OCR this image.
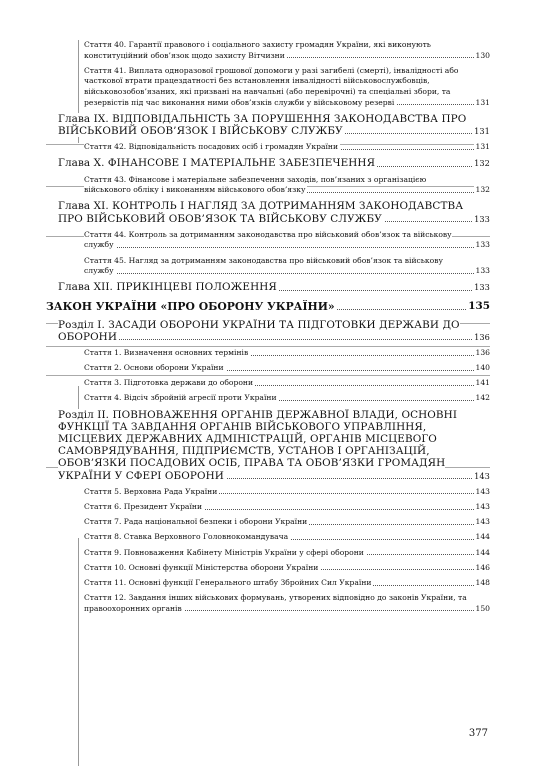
Стаття 40. Гарантії правового і соціального захисту громадян України, які виконують конституційний обов’язок щодо захисту Вітчизни	130
Стаття 41. Виплата одноразової грошової допомоги у разі загибелі (смерті), інвалідності або часткової втрати працездатності без встановлення інвалідності військовослужбовців, військовозобов’язаних, які призвані на навчальні (або перевірочні) та спеціальні збори, та резервістів під час виконання ними обов’язків служби у військовому резерві	131
Глава IX. ВІДПОВІДАЛЬНІСТЬ ЗА ПОРУШЕННЯ ЗАКОНОДАВСТВА ПРО ВІЙСЬКОВИЙ ОБОВ’ЯЗОК І ВІЙСЬКОВУ СЛУЖБУ	131
Стаття 42. Відповідальність посадових осіб і громадян України	131
Глава X. ФІНАНСОВЕ І МАТЕРІАЛЬНЕ ЗАБЕЗПЕЧЕННЯ	132
Стаття 43. Фінансове і матеріальне забезпечення заходів, пов’язаних з організацією військового обліку і виконанням військового обов’язку	132
Глава XI. КОНТРОЛЬ І НАГЛЯД ЗА ДОТРИМАННЯМ ЗАКОНОДАВСТВА ПРО ВІЙСЬКОВИЙ ОБОВ’ЯЗОК ТА ВІЙСЬКОВУ СЛУЖБУ	133
Стаття 44. Контроль за дотриманням законодавства про військовий обов’язок та військову службу	133
Стаття 45. Нагляд за дотриманням законодавства про військовий обов’язок та військову службу	133
Глава XII. ПРИКІНЦЕВІ ПОЛОЖЕННЯ	133
ЗАКОН УКРАЇНИ «ПРО ОБОРОНУ УКРАЇНИ»	135
Розділ I. ЗАСАДИ ОБОРОНИ УКРАЇНИ ТА ПІДГОТОВКИ ДЕРЖАВИ ДО ОБОРОНИ	136
Стаття 1. Визначення основних термінів	136
Стаття 2. Основи оборони України	140
Стаття 3. Підготовка держави до оборони	141
Стаття 4. Відсіч збройній агресії проти України	142
Розділ II. ПОВНОВАЖЕННЯ ОРГАНІВ ДЕРЖАВНОЇ ВЛАДИ, ОСНОВНІ ФУНКЦІЇ ТА ЗАВДАННЯ ОРГАНІВ ВІЙСЬКОВОГО УПРАВЛІННЯ, МІСЦЕВИХ ДЕРЖАВНИХ АДМІНІСТРАЦІЙ, ОРГАНІВ МІСЦЕВОГО САМОВРЯДУВАННЯ, ПІДПРИЄМСТВ, УСТАНОВ І ОРГАНІЗАЦІЙ, ОБОВ’ЯЗКИ ПОСАДОВИХ ОСІБ, ПРАВА ТА ОБОВ’ЯЗКИ ГРОМАДЯН УКРАЇНИ У СФЕРІ ОБОРОНИ	143
Стаття 5. Верховна Рада України	143
Стаття 6. Президент України	143
Стаття 7. Рада національної безпеки і оборони України	143
Стаття 8. Ставка Верховного Головнокомандувача	144
Стаття 9. Повноваження Кабінету Міністрів України у сфері оборони	144
Стаття 10. Основні функції Міністерства оборони України	146
Стаття 11. Основні функції Генерального штабу Збройних Сил України	148
Стаття 12. Завдання інших військових формувань, утворених відповідно до законів України, та правоохоронних органів	150
377
